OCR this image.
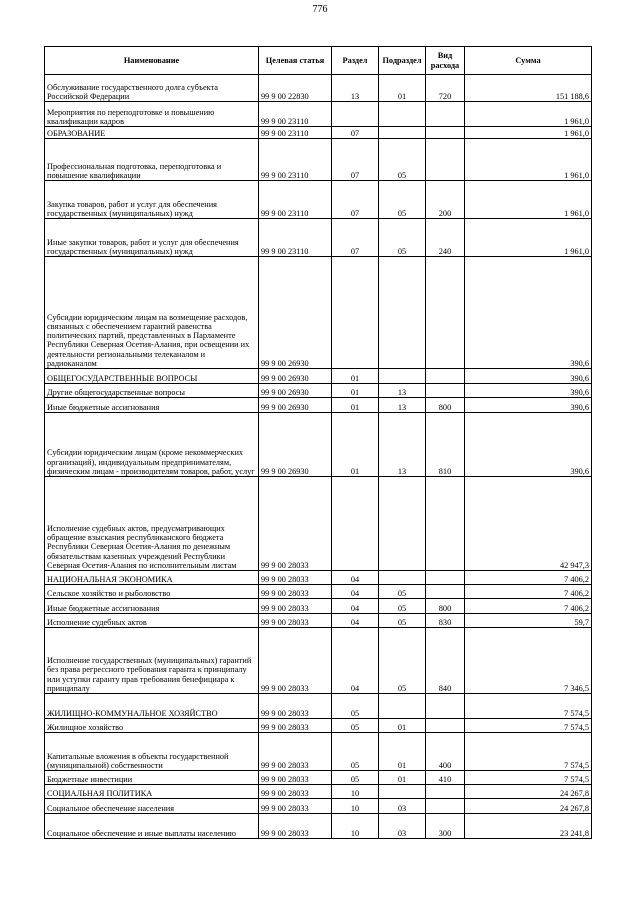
776
Наименование	Целевая статья	Раздел	Подраздел	Вид расхода	Сумма
Обслуживание государственного долга субъекта Российской Федерации	99 9 00 22830	13	01	720	151 188,6
Мероприятия по переподготовке и повышению квалификации кадров	99 9 00 23110				1 961,0
ОБРАЗОВАНИЕ	99 9 00 23110	07			1 961,0
Профессиональная подготовка, переподготовка и повышение квалификации	99 9 00 23110	07	05		1 961,0
Закупка товаров, работ и услуг для обеспечения государственных (муниципальных) нужд	99 9 00 23110	07	05	200	1 961,0
Иные закупки товаров, работ и услуг для обеспечения государственных (муниципальных) нужд	99 9 00 23110	07	05	240	1 961,0
Субсидии юридическим лицам на возмещение расходов, связанных с обеспечением гарантий равенства политических партий, представленных в Парламенте Республики Северная Осетия-Алания, при освещении их деятельности региональными телеканалом и радиоканалом	99 9 00 26930				390,6
ОБЩЕГОСУДАРСТВЕННЫЕ ВОПРОСЫ	99 9 00 26930	01			390,6
Другие общегосударственные вопросы	99 9 00 26930	01	13		390,6
Иные бюджетные ассигнования	99 9 00 26930	01	13	800	390,6
Субсидии юридическим лицам (кроме некоммерческих организаций), индивидуальным предпринимателям, физическим лицам - производителям товаров, работ, услуг	99 9 00 26930	01	13	810	390,6
Исполнение судебных актов, предусматривающих обращение взыскания республиканского бюджета Республики Северная Осетия-Алания по денежным обязательствам казенных учреждений Республики Северная Осетия-Алания по исполнительным листам	99 9 00 28033				42 947,3
НАЦИОНАЛЬНАЯ ЭКОНОМИКА	99 9 00 28033	04			7 406,2
Сельское хозяйство и рыболовство	99 9 00 28033	04	05		7 406,2
Иные бюджетные ассигнования	99 9 00 28033	04	05	800	7 406,2
Исполнение судебных актов	99 9 00 28033	04	05	830	59,7
Исполнение государственных (муниципальных) гарантий без права регрессного требования гаранта к принципалу или уступки гаранту прав требования бенефициара к принципалу	99 9 00 28033	04	05	840	7 346,5
ЖИЛИЩНО-КОММУНАЛЬНОЕ ХОЗЯЙСТВО	99 9 00 28033	05			7 574,5
Жилищное хозяйство	99 9 00 28033	05	01		7 574,5
Капитальные вложения в объекты государственной (муниципальной) собственности	99 9 00 28033	05	01	400	7 574,5
Бюджетные инвестиции	99 9 00 28033	05	01	410	7 574,5
СОЦИАЛЬНАЯ ПОЛИТИКА	99 9 00 28033	10			24 267,8
Социальное обеспечение населения	99 9 00 28033	10	03		24 267,8
Социальное обеспечение и иные выплаты населению	99 9 00 28033	10	03	300	23 241,8
